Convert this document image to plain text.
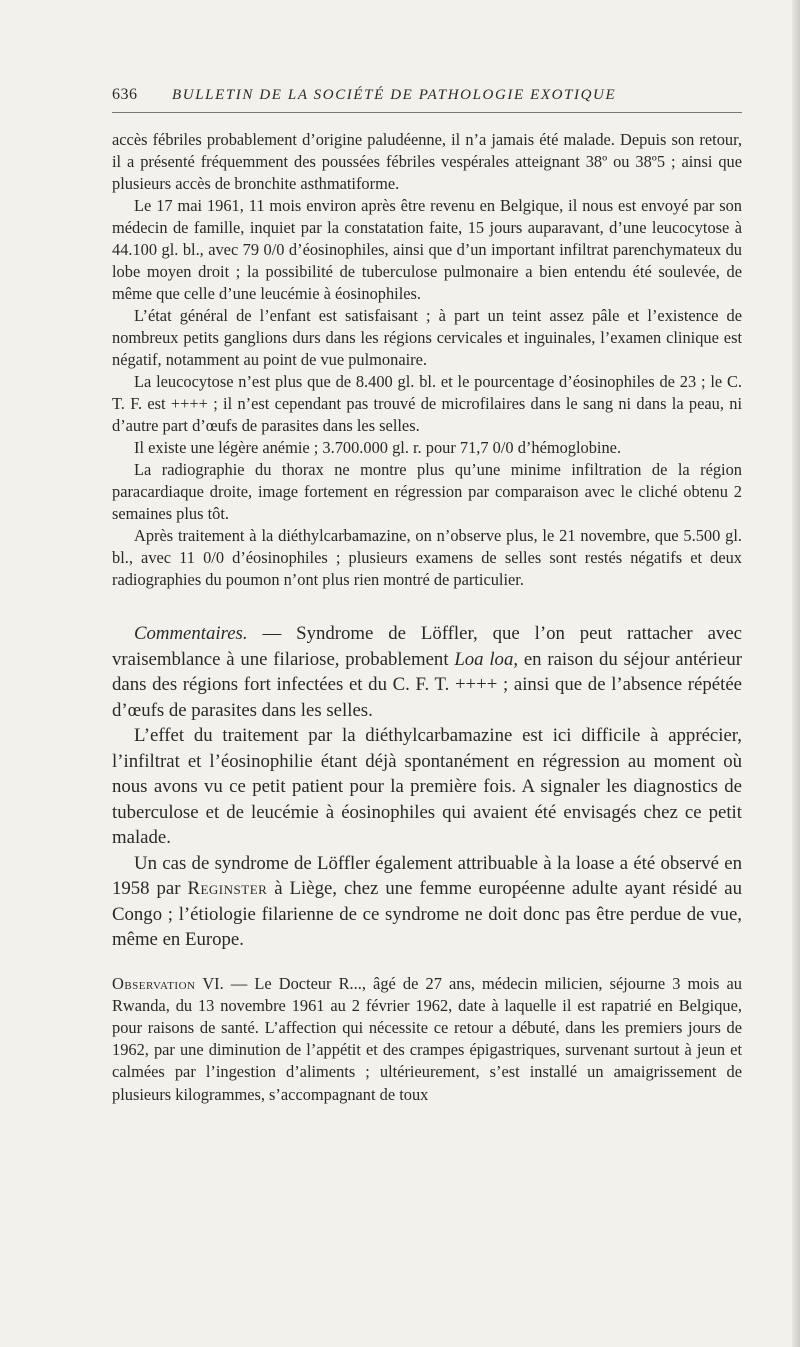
636	BULLETIN DE LA SOCIÉTÉ DE PATHOLOGIE EXOTIQUE

accès fébriles probablement d’origine paludéenne, il n’a jamais été malade. Depuis son retour, il a présenté fréquemment des poussées fébriles vespérales atteignant 38º ou 38º5 ; ainsi que plusieurs accès de bronchite asthmatiforme.

Le 17 mai 1961, 11 mois environ après être revenu en Belgique, il nous est envoyé par son médecin de famille, inquiet par la constatation faite, 15 jours auparavant, d’une leucocytose à 44.100 gl. bl., avec 79 0/0 d’éosinophiles, ainsi que d’un important infiltrat parenchymateux du lobe moyen droit ; la possibilité de tuberculose pulmonaire a bien entendu été soulevée, de même que celle d’une leucémie à éosinophiles.

L’état général de l’enfant est satisfaisant ; à part un teint assez pâle et l’existence de nombreux petits ganglions durs dans les régions cervicales et inguinales, l’examen clinique est négatif, notamment au point de vue pulmonaire.

La leucocytose n’est plus que de 8.400 gl. bl. et le pourcentage d’éosinophiles de 23 ; le C. T. F. est ++++ ; il n’est cependant pas trouvé de microfilaires dans le sang ni dans la peau, ni d’autre part d’œufs de parasites dans les selles.

Il existe une légère anémie ; 3.700.000 gl. r. pour 71,7 0/0 d’hémoglobine.

La radiographie du thorax ne montre plus qu’une minime infiltration de la région paracardiaque droite, image fortement en régression par comparaison avec le cliché obtenu 2 semaines plus tôt.

Après traitement à la diéthylcarbamazine, on n’observe plus, le 21 novembre, que 5.500 gl. bl., avec 11 0/0 d’éosinophiles ; plusieurs examens de selles sont restés négatifs et deux radiographies du poumon n’ont plus rien montré de particulier.

Commentaires. — Syndrome de Löffler, que l’on peut rattacher avec vraisemblance à une filariose, probablement Loa loa, en raison du séjour antérieur dans des régions fort infectées et du C. F. T. ++++ ; ainsi que de l’absence répétée d’œufs de parasites dans les selles.

L’effet du traitement par la diéthylcarbamazine est ici difficile à apprécier, l’infiltrat et l’éosinophilie étant déjà spontanément en régression au moment où nous avons vu ce petit patient pour la première fois. A signaler les diagnostics de tuberculose et de leucémie à éosinophiles qui avaient été envisagés chez ce petit malade.

Un cas de syndrome de Löffler également attribuable à la loase a été observé en 1958 par Reginster à Liège, chez une femme européenne adulte ayant résidé au Congo ; l’étiologie filarienne de ce syndrome ne doit donc pas être perdue de vue, même en Europe.

Observation VI. — Le Docteur R..., âgé de 27 ans, médecin milicien, séjourne 3 mois au Rwanda, du 13 novembre 1961 au 2 février 1962, date à laquelle il est rapatrié en Belgique, pour raisons de santé. L’affection qui nécessite ce retour a débuté, dans les premiers jours de 1962, par une diminution de l’appétit et des crampes épigastriques, survenant surtout à jeun et calmées par l’ingestion d’aliments ; ultérieurement, s’est installé un amaigrissement de plusieurs kilogrammes, s’accompagnant de toux
